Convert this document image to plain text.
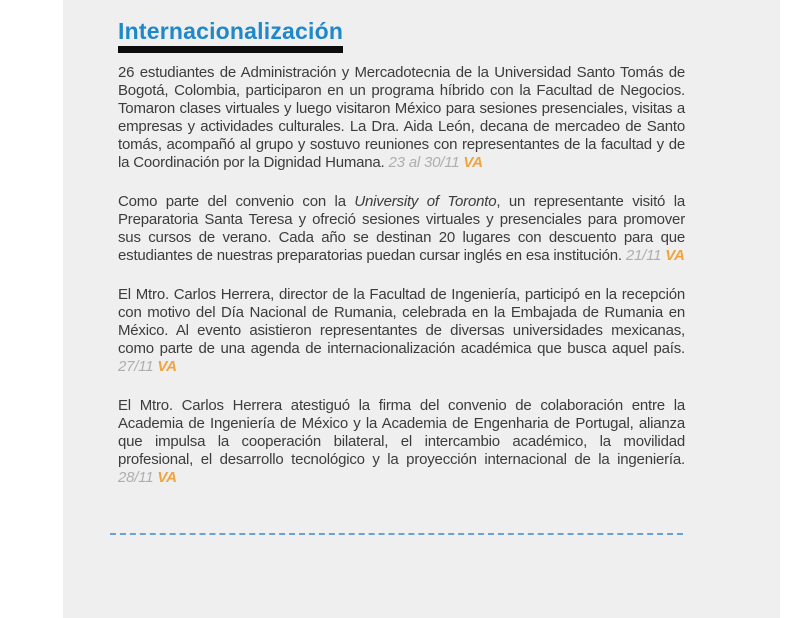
Internacionalización

26 estudiantes de Administración y Mercadotecnia de la Universidad Santo Tomás de Bogotá, Colombia, participaron en un programa híbrido con la Facultad de Negocios. Tomaron clases virtuales y luego visitaron México para sesiones presenciales, visitas a empresas y actividades culturales. La Dra. Aida León, decana de mercadeo de Santo tomás, acompañó al grupo y sostuvo reuniones con representantes de la facultad y de la Coordinación por la Dignidad Humana. 23 al 30/11 VA

Como parte del convenio con la University of Toronto, un representante visitó la Preparatoria Santa Teresa y ofreció sesiones virtuales y presenciales para promover sus cursos de verano. Cada año se destinan 20 lugares con descuento para que estudiantes de nuestras preparatorias puedan cursar inglés en esa institución. 21/11 VA

El Mtro. Carlos Herrera, director de la Facultad de Ingeniería, participó en la recepción con motivo del Día Nacional de Rumania, celebrada en la Embajada de Rumania en México. Al evento asistieron representantes de diversas universidades mexicanas, como parte de una agenda de internacionalización académica que busca aquel país. 27/11 VA

El Mtro. Carlos Herrera atestiguó la firma del convenio de colaboración entre la Academia de Ingeniería de México y la Academia de Engenharia de Portugal, alianza que impulsa la cooperación bilateral, el intercambio académico, la movilidad profesional, el desarrollo tecnológico y la proyección internacional de la ingeniería. 28/11 VA
